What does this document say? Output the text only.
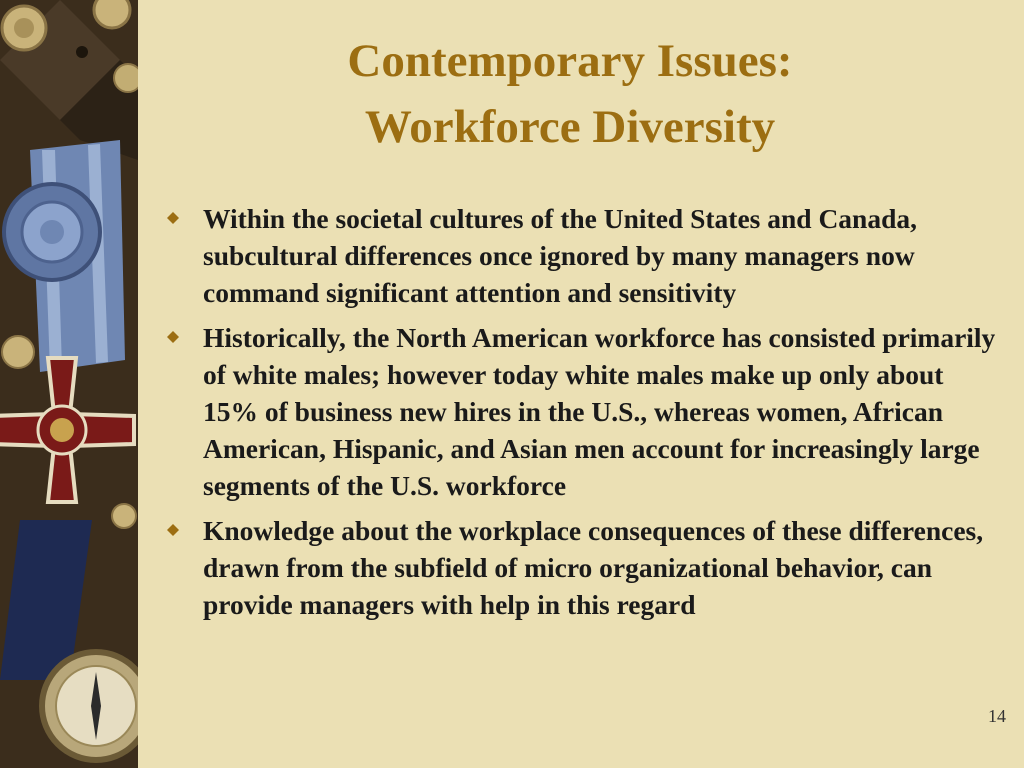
Contemporary Issues:
Workforce Diversity
Within the societal cultures of the United States and Canada, subcultural differences once ignored by many managers now command significant attention and sensitivity
Historically, the North American workforce has consisted primarily of white males; however today white males make up only about 15% of business new hires in the U.S., whereas women, African American, Hispanic, and Asian men account for increasingly large segments of the U.S. workforce
Knowledge about the workplace consequences of these differences, drawn from the subfield of micro organizational behavior, can provide managers with help in this regard
14
